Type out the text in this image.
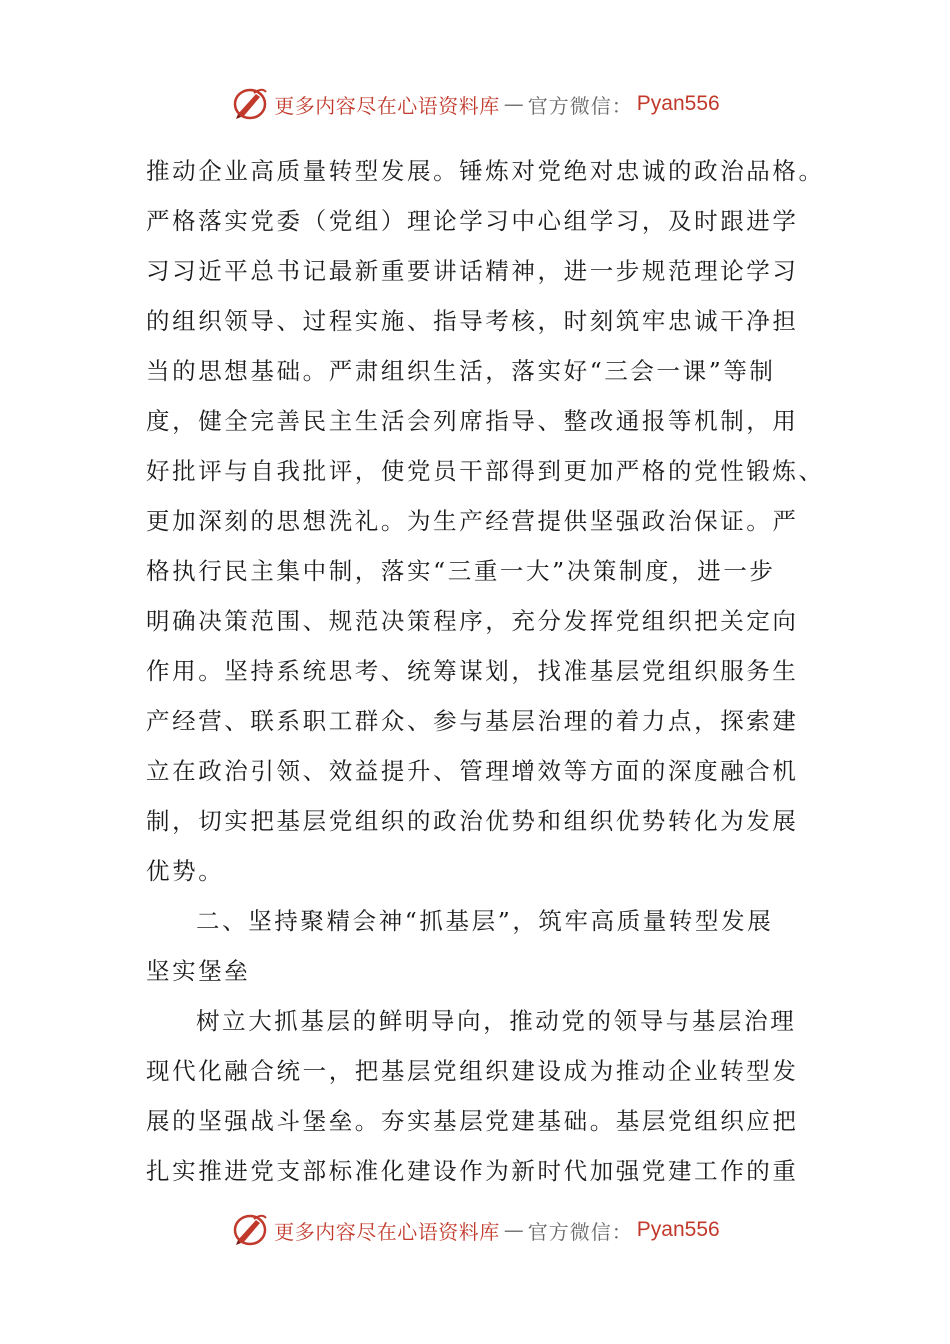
更多内容尽在心语资料库 — 官方微信： Pyan556
推动企业高质量转型发展。锤炼对党绝对忠诚的政治品格。
严格落实党委（党组）理论学习中心组学习，及时跟进学
习习近平总书记最新重要讲话精神，进一步规范理论学习
的组织领导、过程实施、指导考核，时刻筑牢忠诚干净担
当的思想基础。严肃组织生活，落实好“三会一课”等制
度，健全完善民主生活会列席指导、整改通报等机制，用
好批评与自我批评，使党员干部得到更加严格的党性锻炼、
更加深刻的思想洗礼。为生产经营提供坚强政治保证。严
格执行民主集中制，落实“三重一大”决策制度，进一步
明确决策范围、规范决策程序，充分发挥党组织把关定向
作用。坚持系统思考、统筹谋划，找准基层党组织服务生
产经营、联系职工群众、参与基层治理的着力点，探索建
立在政治引领、效益提升、管理增效等方面的深度融合机
制，切实把基层党组织的政治优势和组织优势转化为发展
优势。
二、坚持聚精会神“抓基层”，筑牢高质量转型发展
坚实堡垒
树立大抓基层的鲜明导向，推动党的领导与基层治理
现代化融合统一，把基层党组织建设成为推动企业转型发
展的坚强战斗堡垒。夯实基层党建基础。基层党组织应把
扎实推进党支部标准化建设作为新时代加强党建工作的重
更多内容尽在心语资料库 — 官方微信： Pyan556
